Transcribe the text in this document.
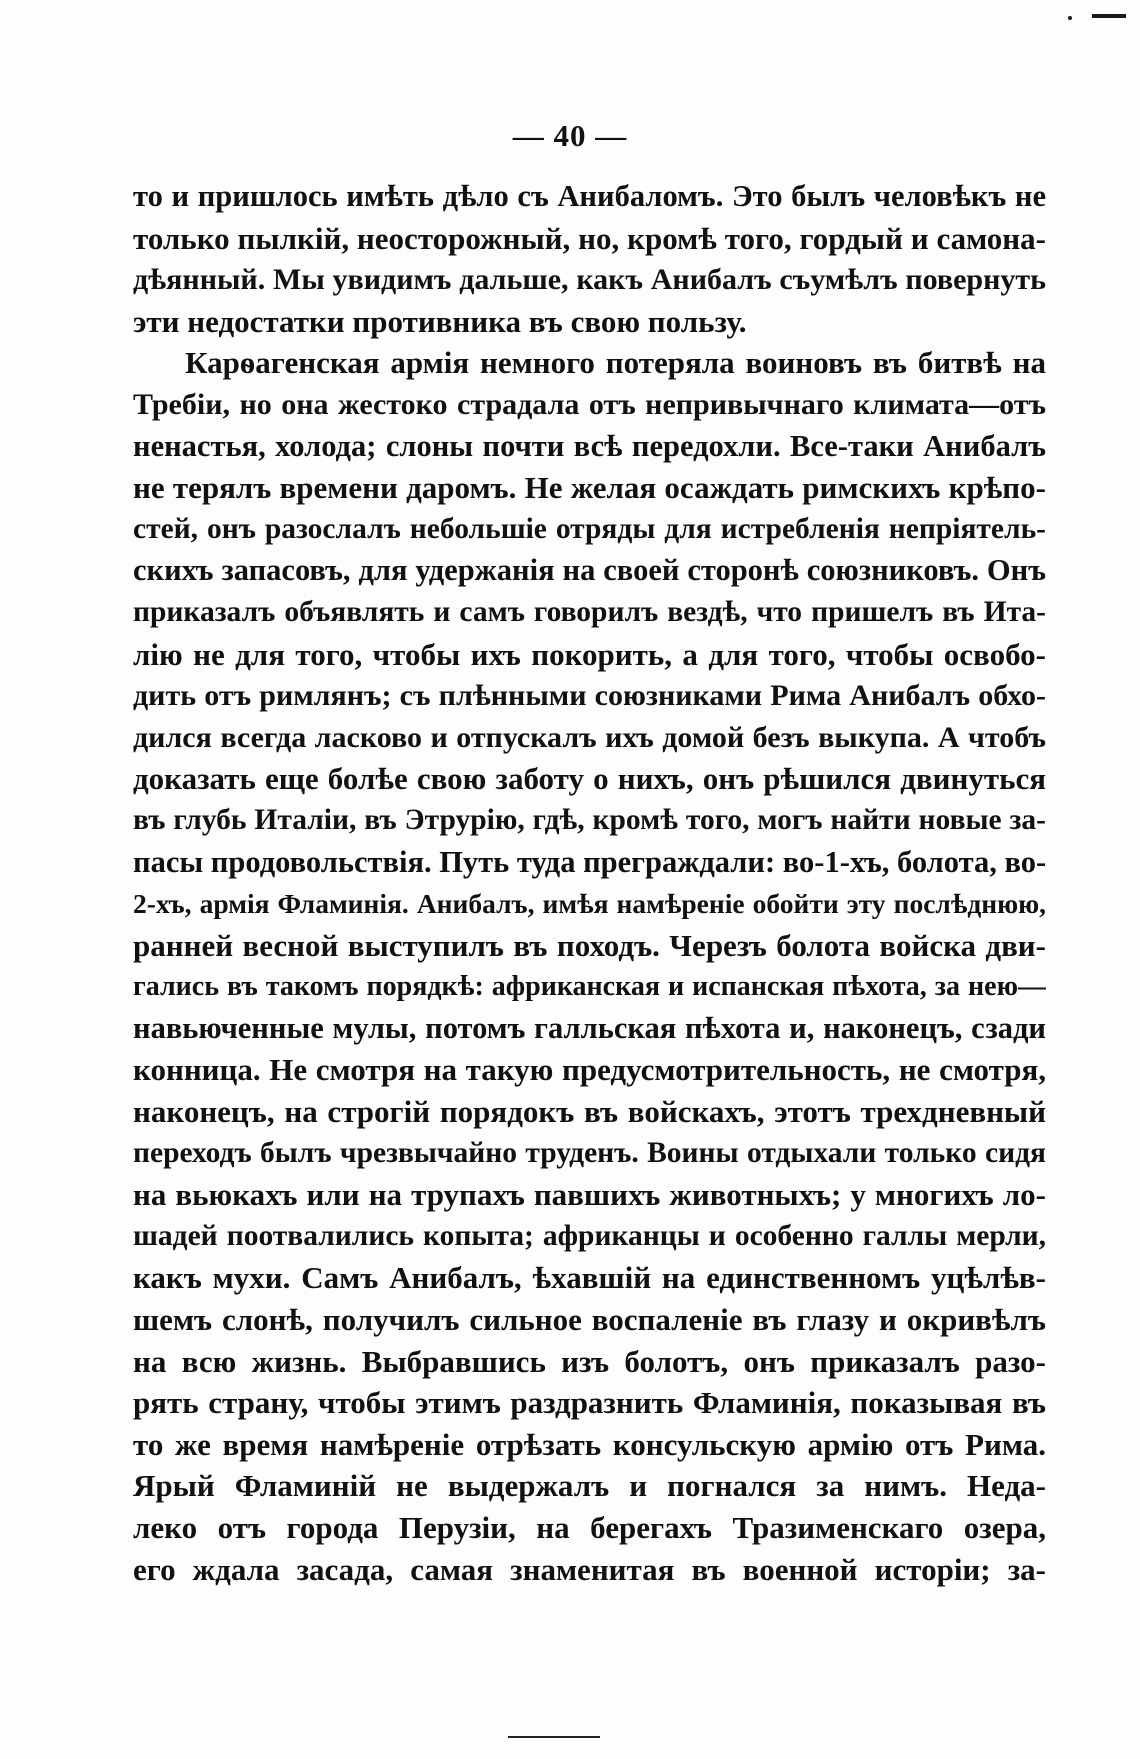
— 40 —
то и пришлось имѣть дѣло съ Анибаломъ. Это былъ человѣкъ не
только пылкій, неосторожный, но, кромѣ того, гордый и самона-
дѣянный. Мы увидимъ дальше, какъ Анибалъ съумѣлъ повернуть
эти недостатки противника въ свою пользу.
Карѳагенская армія немного потеряла воиновъ въ битвѣ на
Требіи, но она жестоко страдала отъ непривычнаго климата—отъ
ненастья, холода; слоны почти всѣ передохли. Все-таки Анибалъ
не терялъ времени даромъ. Не желая осаждать римскихъ крѣпо-
стей, онъ разослалъ небольшіе отряды для истребленія непріятель-
скихъ запасовъ, для удержанія на своей сторонѣ союзниковъ. Онъ
приказалъ объявлять и самъ говорилъ вездѣ, что пришелъ въ Ита-
лію не для того, чтобы ихъ покорить, а для того, чтобы освобо-
дить отъ римлянъ; съ плѣнными союзниками Рима Анибалъ обхо-
дился всегда ласково и отпускалъ ихъ домой безъ выкупа. А чтобъ
доказать еще болѣе свою заботу о нихъ, онъ рѣшился двинуться
въ глубь Италіи, въ Этрурію, гдѣ, кромѣ того, могъ найти новые за-
пасы продовольствія. Путь туда преграждали: во-1-хъ, болота, во-
2-хъ, армія Фламинія. Анибалъ, имѣя намѣреніе обойти эту послѣднюю,
ранней весной выступилъ въ походъ. Черезъ болота войска дви-
гались въ такомъ порядкѣ: африканская и испанская пѣхота, за нею—
навьюченные мулы, потомъ галльская пѣхота и, наконецъ, сзади
конница. Не смотря на такую предусмотрительность, не смотря,
наконецъ, на строгій порядокъ въ войскахъ, этотъ трехдневный
переходъ былъ чрезвычайно труденъ. Воины отдыхали только сидя
на вьюкахъ или на трупахъ павшихъ животныхъ; у многихъ ло-
шадей поотвалились копыта; африканцы и особенно галлы мерли,
какъ мухи. Самъ Анибалъ, ѣхавшій на единственномъ уцѣлѣв-
шемъ слонѣ, получилъ сильное воспаленіе въ глазу и окривѣлъ
на всю жизнь. Выбравшись изъ болотъ, онъ приказалъ разо-
рять страну, чтобы этимъ раздразнить Фламинія, показывая въ
то же время намѣреніе отрѣзать консульскую армію отъ Рима.
Ярый Фламиній не выдержалъ и погнался за нимъ. Неда-
леко отъ города Перузіи, на берегахъ Тразименскаго озера,
его ждала засада, самая знаменитая въ военной исторіи; за-
